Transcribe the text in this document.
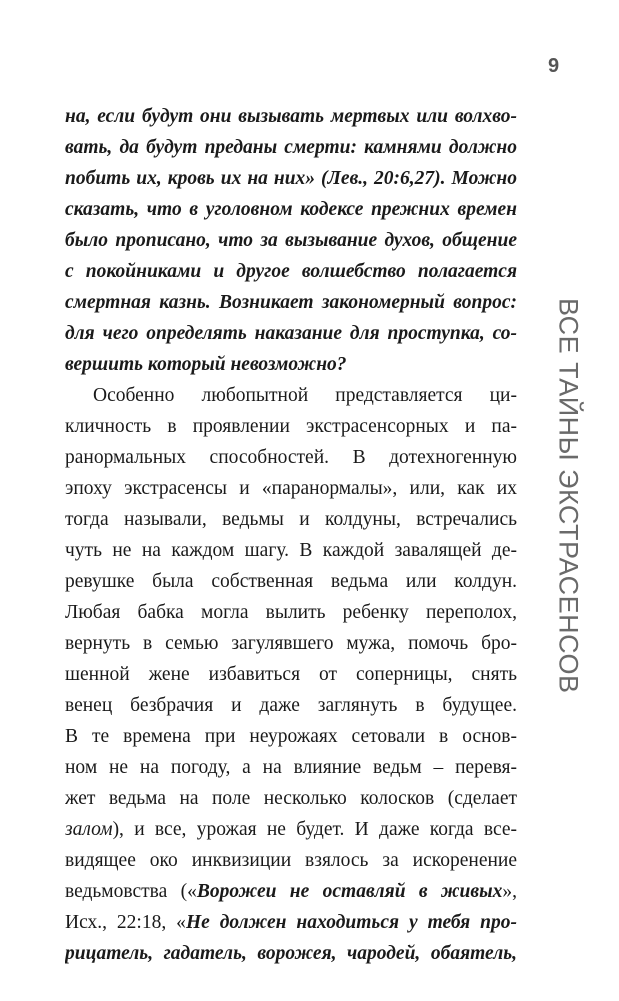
9
ВСЕ ТАЙНЫ ЭКСТРАСЕНСОВ
на, если будут они вызывать мертвых или волхво-
вать, да будут преданы смерти: камнями должно
побить их, кровь их на них» (Лев., 20:6,27). Можно
сказать, что в уголовном кодексе прежних времен
было прописано, что за вызывание духов, общение
с покойниками и другое волшебство полагается
смертная казнь. Возникает закономерный вопрос:
для чего определять наказание для проступка, со-
вершить который невозможно?
Особенно любопытной представляется ци-
кличность в проявлении экстрасенсорных и па-
ранормальных способностей. В дотехногенную
эпоху экстрасенсы и «паранормалы», или, как их
тогда называли, ведьмы и колдуны, встречались
чуть не на каждом шагу. В каждой завалящей де-
ревушке была собственная ведьма или колдун.
Любая бабка могла вылить ребенку переполох,
вернуть в семью загулявшего мужа, помочь бро-
шенной жене избавиться от соперницы, снять
венец безбрачия и даже заглянуть в будущее.
В те времена при неурожаях сетовали в основ-
ном не на погоду, а на влияние ведьм – перевя-
жет ведьма на поле несколько колосков (сделает
залом), и все, урожая не будет. И даже когда все-
видящее око инквизиции взялось за искоренение
ведьмовства («Ворожеи не оставляй в живых»,
Исх., 22:18, «Не должен находиться у тебя про-
рицатель, гадатель, ворожея, чародей, обаятель,
